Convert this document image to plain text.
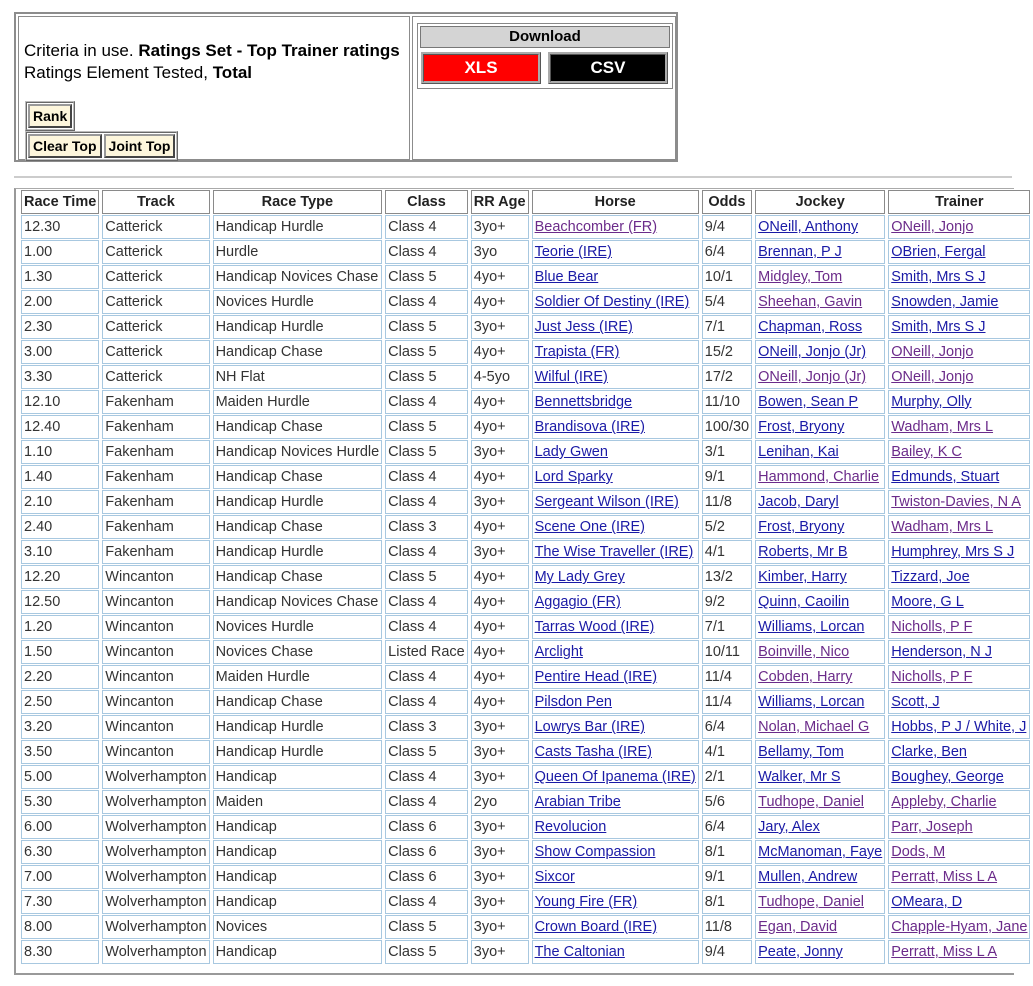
Criteria in use. Ratings Set - Top Trainer ratings
Ratings Element Tested, Total
Rank
Clear Top Joint Top
Download
XLS	CSV
Race Time	Track	Race Type	Class	RR Age	Horse	Odds	Jockey	Trainer
12.30	Catterick	Handicap Hurdle	Class 4	3yo+	Beachcomber (FR)	9/4	ONeill, Anthony	ONeill, Jonjo
1.00	Catterick	Hurdle	Class 4	3yo	Teorie (IRE)	6/4	Brennan, P J	OBrien, Fergal
1.30	Catterick	Handicap Novices Chase	Class 5	4yo+	Blue Bear	10/1	Midgley, Tom	Smith, Mrs S J
2.00	Catterick	Novices Hurdle	Class 4	4yo+	Soldier Of Destiny (IRE)	5/4	Sheehan, Gavin	Snowden, Jamie
2.30	Catterick	Handicap Hurdle	Class 5	3yo+	Just Jess (IRE)	7/1	Chapman, Ross	Smith, Mrs S J
3.00	Catterick	Handicap Chase	Class 5	4yo+	Trapista (FR)	15/2	ONeill, Jonjo (Jr)	ONeill, Jonjo
3.30	Catterick	NH Flat	Class 5	4-5yo	Wilful (IRE)	17/2	ONeill, Jonjo (Jr)	ONeill, Jonjo
12.10	Fakenham	Maiden Hurdle	Class 4	4yo+	Bennettsbridge	11/10	Bowen, Sean P	Murphy, Olly
12.40	Fakenham	Handicap Chase	Class 5	4yo+	Brandisova (IRE)	100/30	Frost, Bryony	Wadham, Mrs L
1.10	Fakenham	Handicap Novices Hurdle	Class 5	3yo+	Lady Gwen	3/1	Lenihan, Kai	Bailey, K C
1.40	Fakenham	Handicap Chase	Class 4	4yo+	Lord Sparky	9/1	Hammond, Charlie	Edmunds, Stuart
2.10	Fakenham	Handicap Hurdle	Class 4	3yo+	Sergeant Wilson (IRE)	11/8	Jacob, Daryl	Twiston-Davies, N A
2.40	Fakenham	Handicap Chase	Class 3	4yo+	Scene One (IRE)	5/2	Frost, Bryony	Wadham, Mrs L
3.10	Fakenham	Handicap Hurdle	Class 4	3yo+	The Wise Traveller (IRE)	4/1	Roberts, Mr B	Humphrey, Mrs S J
12.20	Wincanton	Handicap Chase	Class 5	4yo+	My Lady Grey	13/2	Kimber, Harry	Tizzard, Joe
12.50	Wincanton	Handicap Novices Chase	Class 4	4yo+	Aggagio (FR)	9/2	Quinn, Caoilin	Moore, G L
1.20	Wincanton	Novices Hurdle	Class 4	4yo+	Tarras Wood (IRE)	7/1	Williams, Lorcan	Nicholls, P F
1.50	Wincanton	Novices Chase	Listed Race	4yo+	Arclight	10/11	Boinville, Nico	Henderson, N J
2.20	Wincanton	Maiden Hurdle	Class 4	4yo+	Pentire Head (IRE)	11/4	Cobden, Harry	Nicholls, P F
2.50	Wincanton	Handicap Chase	Class 4	4yo+	Pilsdon Pen	11/4	Williams, Lorcan	Scott, J
3.20	Wincanton	Handicap Hurdle	Class 3	3yo+	Lowrys Bar (IRE)	6/4	Nolan, Michael G	Hobbs, P J / White, J
3.50	Wincanton	Handicap Hurdle	Class 5	3yo+	Casts Tasha (IRE)	4/1	Bellamy, Tom	Clarke, Ben
5.00	Wolverhampton	Handicap	Class 4	3yo+	Queen Of Ipanema (IRE)	2/1	Walker, Mr S	Boughey, George
5.30	Wolverhampton	Maiden	Class 4	2yo	Arabian Tribe	5/6	Tudhope, Daniel	Appleby, Charlie
6.00	Wolverhampton	Handicap	Class 6	3yo+	Revolucion	6/4	Jary, Alex	Parr, Joseph
6.30	Wolverhampton	Handicap	Class 6	3yo+	Show Compassion	8/1	McManoman, Faye	Dods, M
7.00	Wolverhampton	Handicap	Class 6	3yo+	Sixcor	9/1	Mullen, Andrew	Perratt, Miss L A
7.30	Wolverhampton	Handicap	Class 4	3yo+	Young Fire (FR)	8/1	Tudhope, Daniel	OMeara, D
8.00	Wolverhampton	Novices	Class 5	3yo+	Crown Board (IRE)	11/8	Egan, David	Chapple-Hyam, Jane
8.30	Wolverhampton	Handicap	Class 5	3yo+	The Caltonian	9/4	Peate, Jonny	Perratt, Miss L A
